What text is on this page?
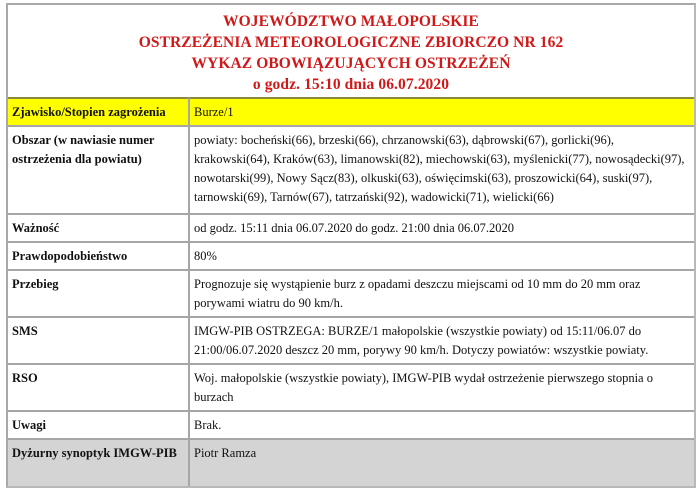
WOJEWÓDZTWO MAŁOPOLSKIE
OSTRZEŻENIA METEOROLOGICZNE ZBIORCZO NR 162
WYKAZ OBOWIĄZUJĄCYCH OSTRZEŻEŃ
o godz. 15:10 dnia 06.07.2020
Zjawisko/Stopien zagrożenia	Burze/1
Obszar (w nawiasie numer ostrzeżenia dla powiatu)	powiaty: bocheński(66), brzeski(66), chrzanowski(63), dąbrowski(67), gorlicki(96), krakowski(64), Kraków(63), limanowski(82), miechowski(63), myślenicki(77), nowosądecki(97), nowotarski(99), Nowy Sącz(83), olkuski(63), oświęcimski(63), proszowicki(64), suski(97), tarnowski(69), Tarnów(67), tatrzański(92), wadowicki(71), wielicki(66)
Ważność	od godz. 15:11 dnia 06.07.2020 do godz. 21:00 dnia 06.07.2020
Prawdopodobieństwo	80%
Przebieg	Prognozuje się wystąpienie burz z opadami deszczu miejscami od 10 mm do 20 mm oraz porywami wiatru do 90 km/h.
SMS	IMGW-PIB OSTRZEGA: BURZE/1 małopolskie (wszystkie powiaty) od 15:11/06.07 do 21:00/06.07.2020 deszcz 20 mm, porywy 90 km/h. Dotyczy powiatów: wszystkie powiaty.
RSO	Woj. małopolskie (wszystkie powiaty), IMGW-PIB wydał ostrzeżenie pierwszego stopnia o burzach
Uwagi	Brak.
Dyżurny synoptyk IMGW-PIB	Piotr Ramza
